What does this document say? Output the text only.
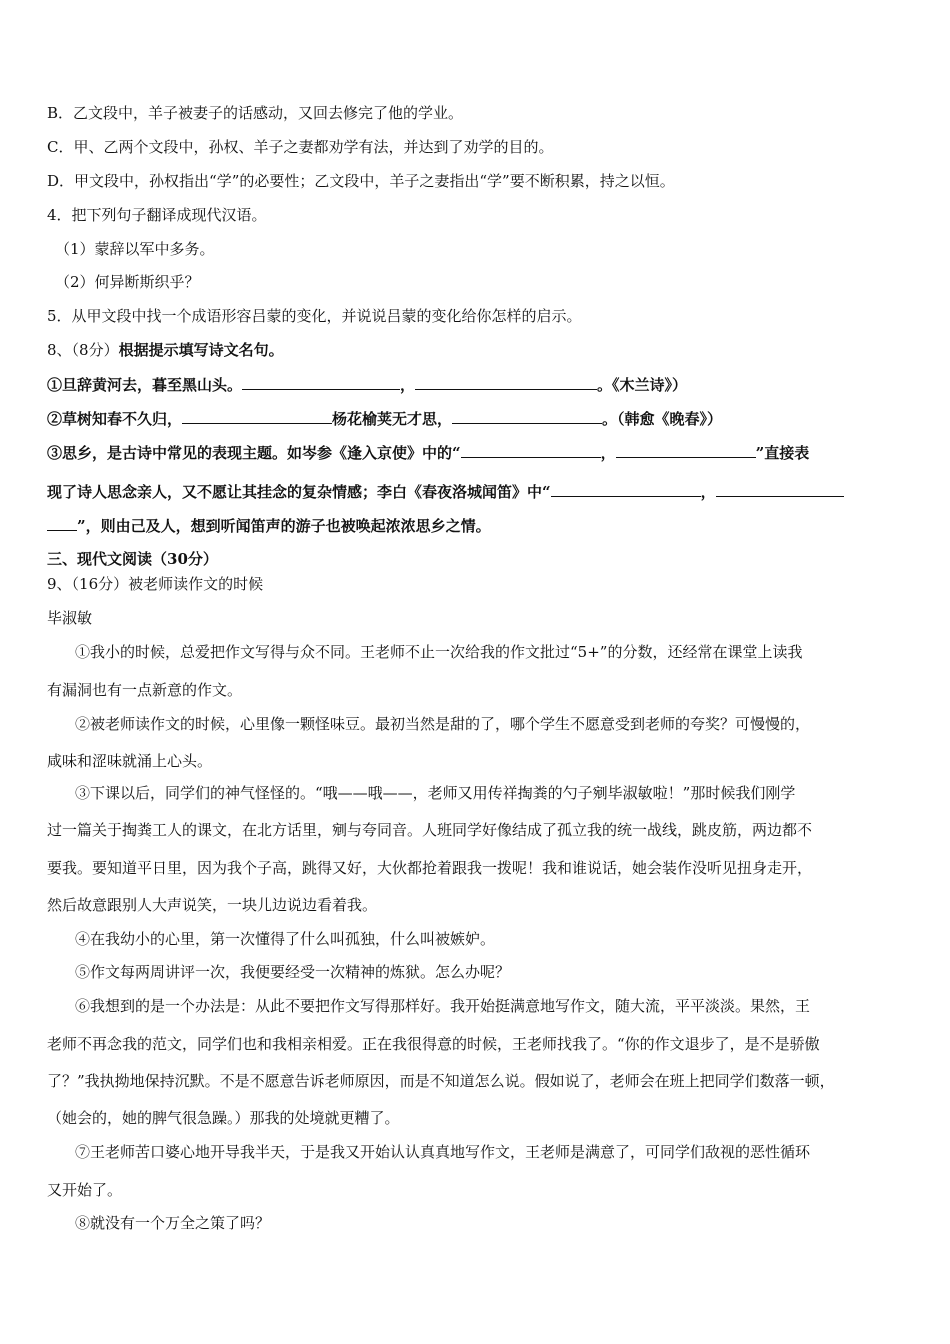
B．乙文段中，羊子被妻子的话感动，又回去修完了他的学业。

C．甲、乙两个文段中，孙权、羊子之妻都劝学有法，并达到了劝学的目的。

D．甲文段中，孙权指出“学”的必要性；乙文段中，羊子之妻指出“学”要不断积累，持之以恒。

4．把下列句子翻译成现代汉语。

（1）蒙辞以军中多务。

（2）何异断斯织乎？

5．从甲文段中找一个成语形容吕蒙的变化，并说说吕蒙的变化给你怎样的启示。

8、（8分）根据提示填写诗文名句。

①旦辞黄河去，暮至黑山头。	，	。《木兰诗》）

②草树知春不久归，	杨花榆荚无才思，	。（韩愈《晚春》）

③思乡，是古诗中常见的表现主题。如岑参《逢入京使》中的“	，	”直接表

现了诗人思念亲人，又不愿让其挂念的复杂情感；李白《春夜洛城闻笛》中“	，

”，则由己及人，想到听闻笛声的游子也被唤起浓浓思乡之情。

三、现代文阅读（30分）

9、（16分）被老师读作文的时候

毕淑敏

①我小的时候，总爱把作文写得与众不同。王老师不止一次给我的作文批过“5+”的分数，还经常在课堂上读我

有漏洞也有一点新意的作文。

②被老师读作文的时候，心里像一颗怪味豆。最初当然是甜的了，哪个学生不愿意受到老师的夸奖？可慢慢的，

咸味和涩味就涌上心头。

③下课以后，同学们的神气怪怪的。“哦——哦——，老师又用传祥掏粪的勺子剜毕淑敏啦！”那时候我们刚学

过一篇关于掏粪工人的课文，在北方话里，剜与夸同音。人班同学好像结成了孤立我的统一战线，跳皮筋，两边都不

要我。要知道平日里，因为我个子高，跳得又好，大伙都抢着跟我一拨呢！我和谁说话，她会装作没听见扭身走开，

然后故意跟别人大声说笑，一块儿边说边看着我。

④在我幼小的心里，第一次懂得了什么叫孤独，什么叫被嫉妒。

⑤作文每两周讲评一次，我便要经受一次精神的炼狱。怎么办呢？

⑥我想到的是一个办法是：从此不要把作文写得那样好。我开始挺满意地写作文，随大流，平平淡淡。果然，王

老师不再念我的范文，同学们也和我相亲相爱。正在我很得意的时候，王老师找我了。“你的作文退步了，是不是骄傲

了？”我执拗地保持沉默。不是不愿意告诉老师原因，而是不知道怎么说。假如说了，老师会在班上把同学们数落一顿，

（她会的，她的脾气很急躁。）那我的处境就更糟了。

⑦王老师苦口婆心地开导我半天，于是我又开始认认真真地写作文，王老师是满意了，可同学们敌视的恶性循环

又开始了。

⑧就没有一个万全之策了吗？
